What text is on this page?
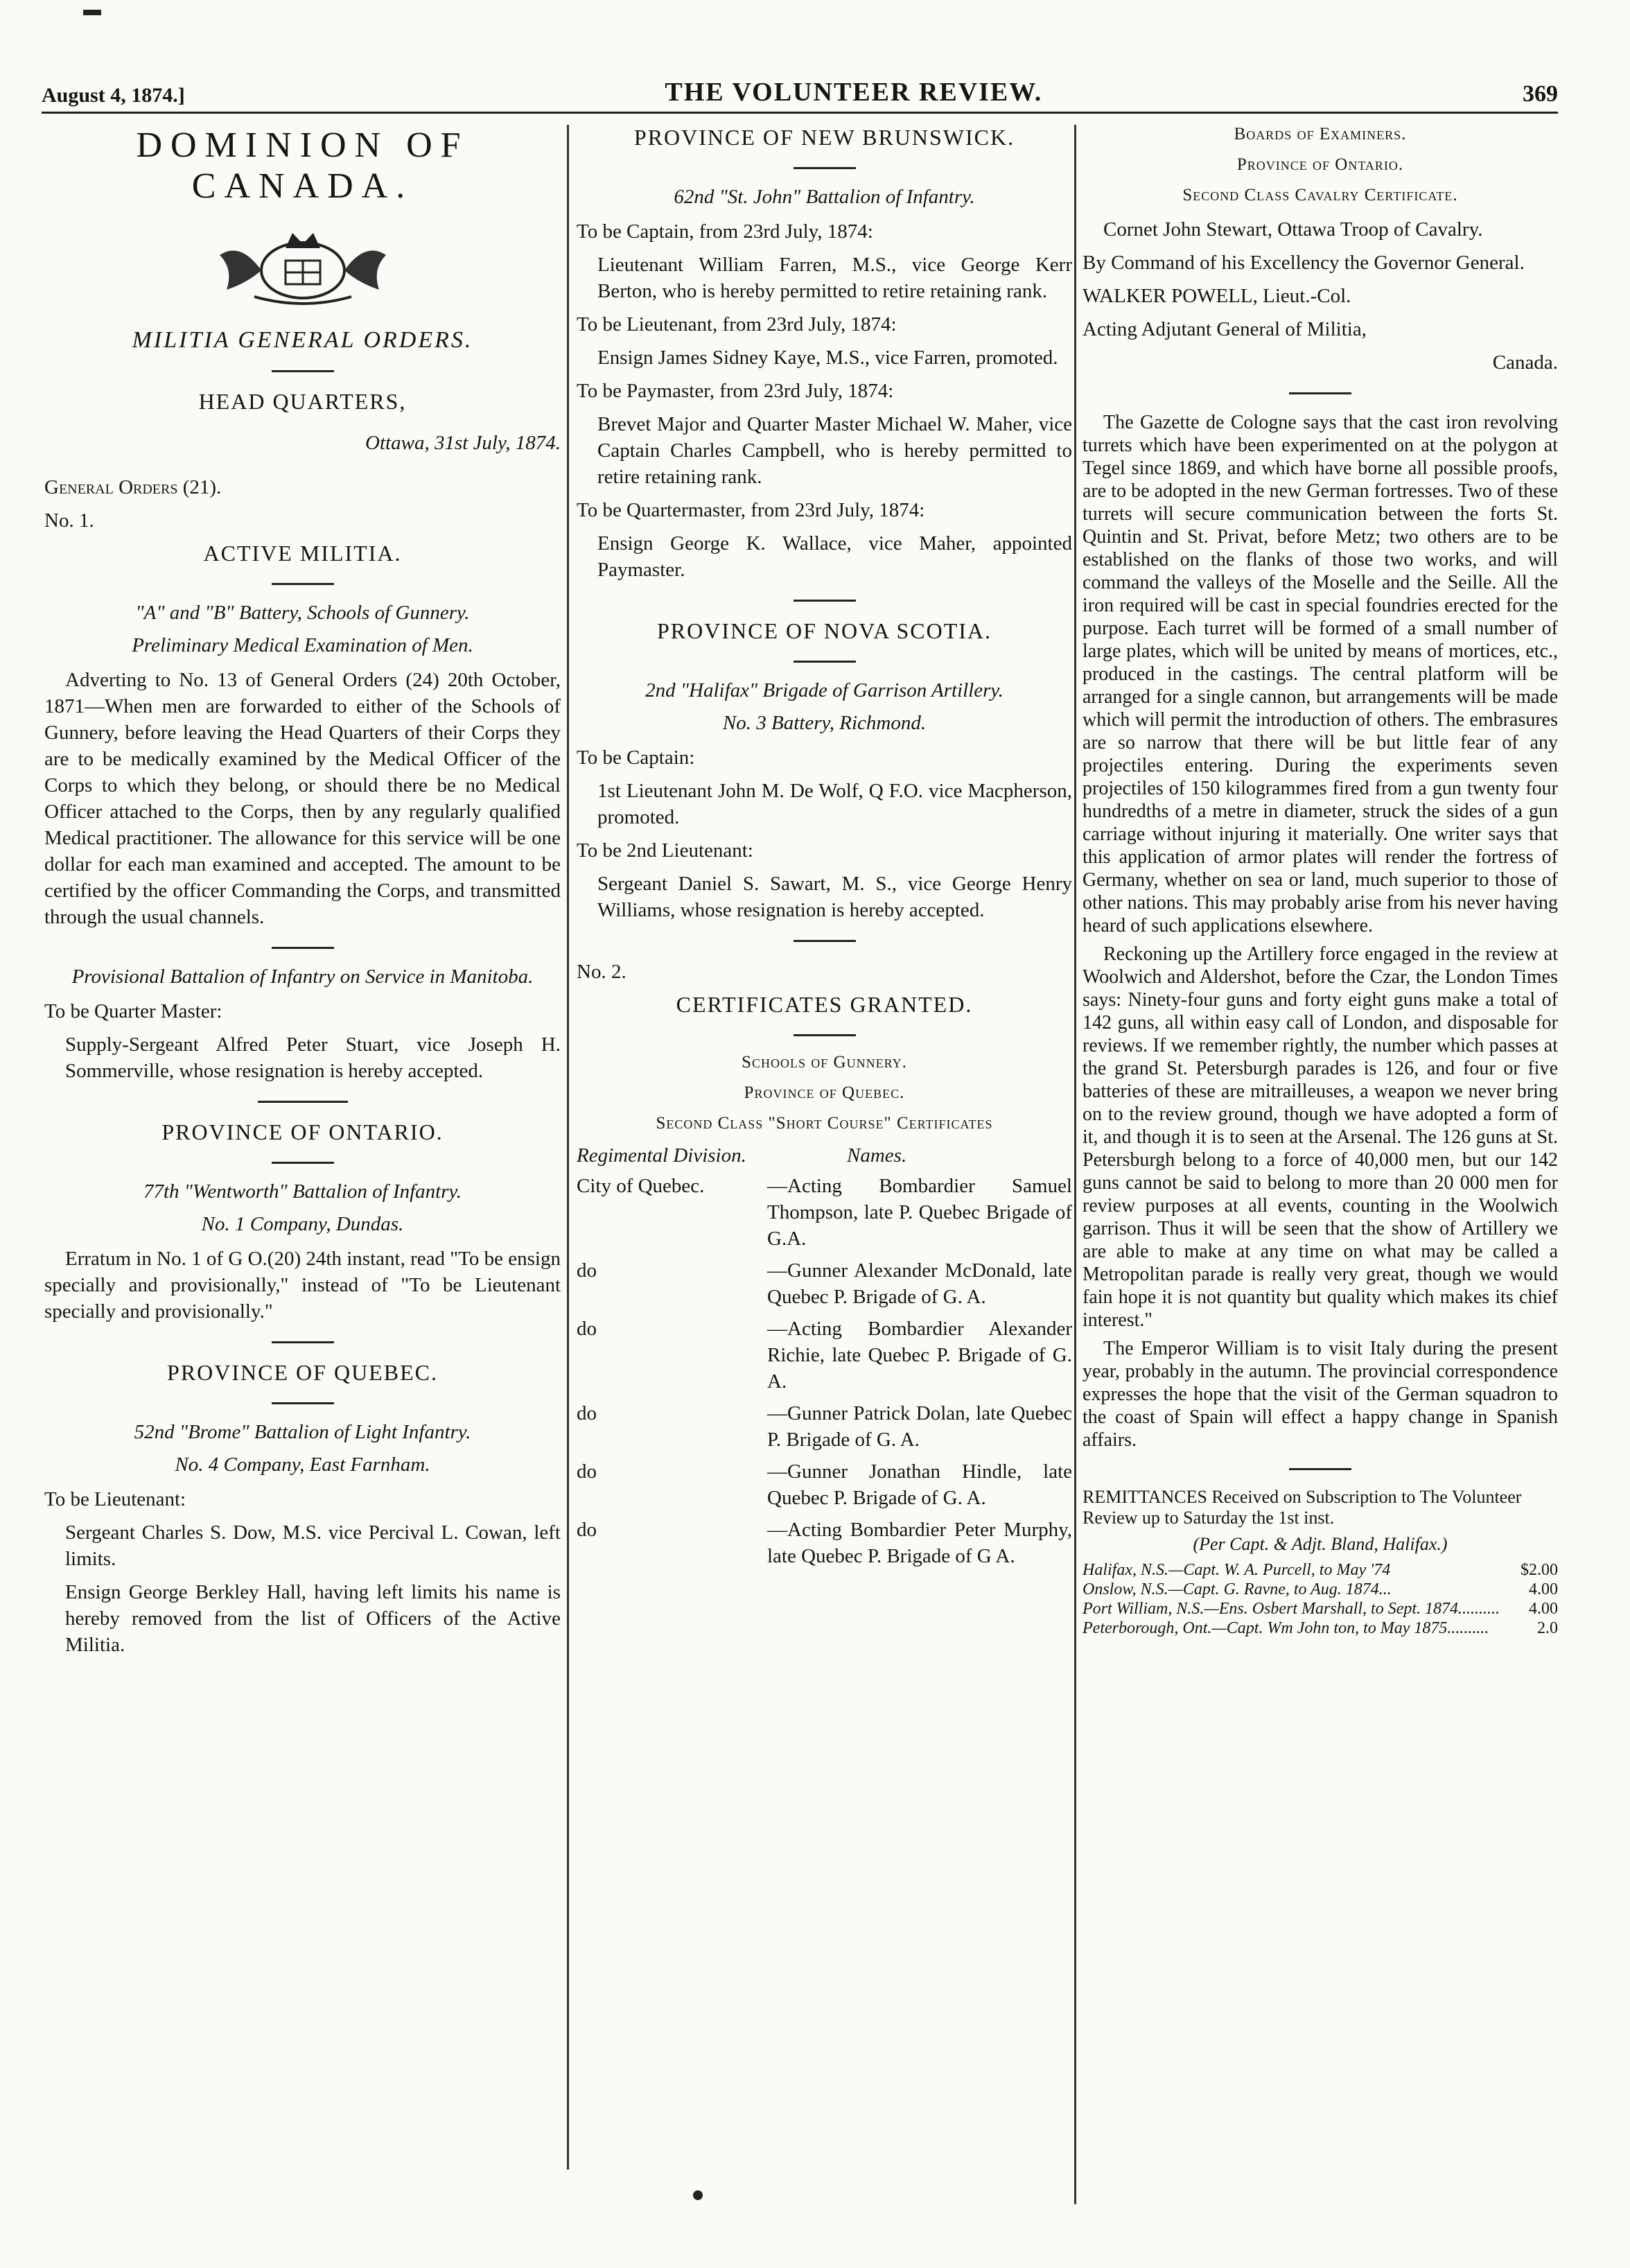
August 4, 1874.]	THE VOLUNTEER REVIEW.	369
DOMINION OF CANADA.
MILITIA GENERAL ORDERS.
HEAD QUARTERS,
Ottawa, 31st July, 1874.
General Orders (21).
No. 1.
ACTIVE MILITIA.
"A" and "B" Battery, Schools of Gunnery.
Preliminary Medical Examination of Men.
Adverting to No. 13 of General Orders (24) 20th October, 1871—When men are forwarded to either of the Schools of Gunnery, before leaving the Head Quarters of their Corps they are to be medically examined by the Medical Officer of the Corps to which they belong, or should there be no Medical Officer attached to the Corps, then by any regularly qualified Medical practitioner. The allowance for this service will be one dollar for each man examined and accepted. The amount to be certified by the officer Commanding the Corps, and transmitted through the usual channels.
Provisional Battalion of Infantry on Service in Manitoba.
To be Quarter Master:
Supply-Sergeant Alfred Peter Stuart, vice Joseph H. Sommerville, whose resignation is hereby accepted.
PROVINCE OF ONTARIO.
77th "Wentworth" Battalion of Infantry.
No. 1 Company, Dundas.
Erratum in No. 1 of G O.(20) 24th instant, read "To be ensign specially and provisionally," instead of "To be Lieutenant specially and provisionally."
PROVINCE OF QUEBEC.
52nd "Brome" Battalion of Light Infantry.
No. 4 Company, East Farnham.
To be Lieutenant:
Sergeant Charles S. Dow, M.S. vice Percival L. Cowan, left limits.
Ensign George Berkley Hall, having left limits his name is hereby removed from the list of Officers of the Active Militia.
PROVINCE OF NEW BRUNSWICK.
62nd "St. John" Battalion of Infantry.
To be Captain, from 23rd July, 1874:
Lieutenant William Farren, M.S., vice George Kerr Berton, who is hereby permitted to retire retaining rank.
To be Lieutenant, from 23rd July, 1874:
Ensign James Sidney Kaye, M.S., vice Farren, promoted.
To be Paymaster, from 23rd July, 1874:
Brevet Major and Quarter Master Michael W. Maher, vice Captain Charles Campbell, who is hereby permitted to retire retaining rank.
To be Quartermaster, from 23rd July, 1874:
Ensign George K. Wallace, vice Maher, appointed Paymaster.
PROVINCE OF NOVA SCOTIA.
2nd "Halifax" Brigade of Garrison Artillery.
No. 3 Battery, Richmond.
To be Captain:
1st Lieutenant John M. De Wolf, Q F.O. vice Macpherson, promoted.
To be 2nd Lieutenant:
Sergeant Daniel S. Sawart, M. S., vice George Henry Williams, whose resignation is hereby accepted.
No. 2.
CERTIFICATES GRANTED.
Schools of Gunnery.
Province of Quebec.
Second Class "Short Course" Certificates
Regimental Division.	Names.
City of Quebec.	—Acting Bombardier Samuel Thompson, late P. Quebec Brigade of G.A.
do	—Gunner Alexander McDonald, late Quebec P. Brigade of G. A.
do	—Acting Bombardier Alexander Richie, late Quebec P. Brigade of G. A.
do	—Gunner Patrick Dolan, late Quebec P. Brigade of G. A.
do	—Gunner Jonathan Hindle, late Quebec P. Brigade of G. A.
do	—Acting Bombardier Peter Murphy, late Quebec P. Brigade of G A.
Boards of Examiners.
Province of Ontario.
Second Class Cavalry Certificate.
Cornet John Stewart, Ottawa Troop of Cavalry.
By Command of his Excellency the Governor General.
WALKER POWELL, Lieut.-Col.
Acting Adjutant General of Militia,
Canada.
The Gazette de Cologne says that the cast iron revolving turrets which have been experimented on at the polygon at Tegel since 1869, and which have borne all possible proofs, are to be adopted in the new German fortresses. Two of these turrets will secure communication between the forts St. Quintin and St. Privat, before Metz; two others are to be established on the flanks of those two works, and will command the valleys of the Moselle and the Seille. All the iron required will be cast in special foundries erected for the purpose. Each turret will be formed of a small number of large plates, which will be united by means of mortices, etc., produced in the castings. The central platform will be arranged for a single cannon, but arrangements will be made which will permit the introduction of others. The embrasures are so narrow that there will be but little fear of any projectiles entering. During the experiments seven projectiles of 150 kilogrammes fired from a gun twenty four hundredths of a metre in diameter, struck the sides of a gun carriage without injuring it materially. One writer says that this application of armor plates will render the fortress of Germany, whether on sea or land, much superior to those of other nations. This may probably arise from his never having heard of such applications elsewhere.
Reckoning up the Artillery force engaged in the review at Woolwich and Aldershot, before the Czar, the London Times says: Ninety-four guns and forty eight guns make a total of 142 guns, all within easy call of London, and disposable for reviews. If we remember rightly, the number which passes at the grand St. Petersburgh parades is 126, and four or five batteries of these are mitrailleuses, a weapon we never bring on to the review ground, though we have adopted a form of it, and though it is to seen at the Arsenal. The 126 guns at St. Petersburgh belong to a force of 40,000 men, but our 142 guns cannot be said to belong to more than 20 000 men for review purposes at all events, counting in the Woolwich garrison. Thus it will be seen that the show of Artillery we are able to make at any time on what may be called a Metropolitan parade is really very great, though we would fain hope it is not quantity but quality which makes its chief interest."
The Emperor William is to visit Italy during the present year, probably in the autumn. The provincial correspondence expresses the hope that the visit of the German squadron to the coast of Spain will effect a happy change in Spanish affairs.
REMITTANCES Received on Subscription to The Volunteer Review up to Saturday the 1st inst.
(Per Capt. & Adjt. Bland, Halifax.)
Halifax, N.S.—Capt. W. A. Purcell, to May '74	$2.00
Onslow, N.S.—Capt. G. Ravne, to Aug. 1874...	4.00
Port William, N.S.—Ens. Osbert Marshall, to Sept. 1874.......... 4.00
Peterborough, Ont.—Capt. Wm John ton, to May 1875..........	2.0
